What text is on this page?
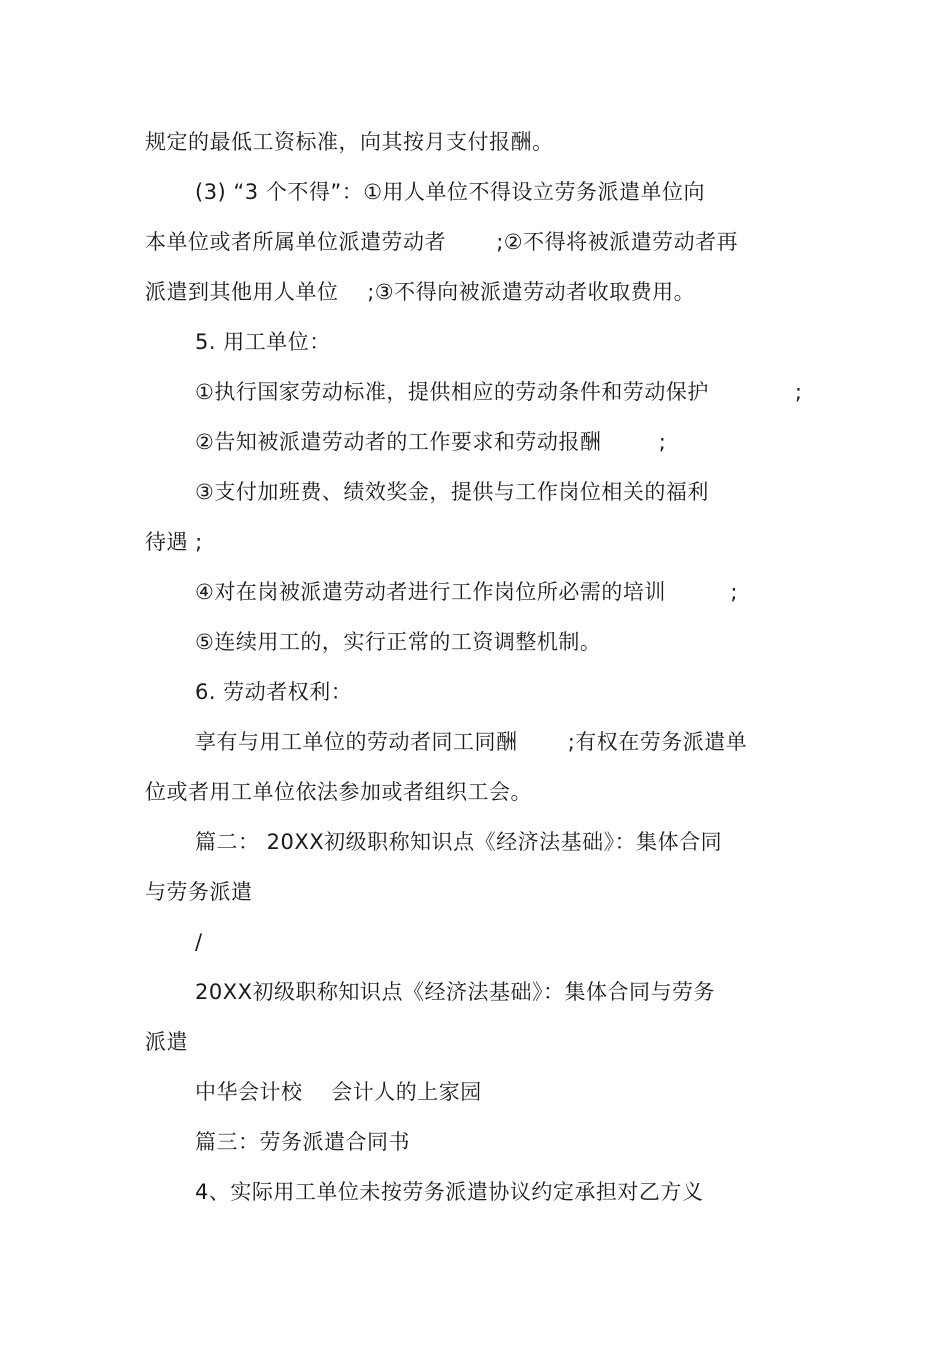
规定的最低工资标准，向其按月支付报酬。
(3) “3 个不得”：①用人单位不得设立劳务派遣单位向
本单位或者所属单位派遣劳动者       ;②不得将被派遣劳动者再
派遣到其他用人单位    ;③不得向被派遣劳动者收取费用。
5. 用工单位：
①执行国家劳动标准，提供相应的劳动条件和劳动保护            ;
②告知被派遣劳动者的工作要求和劳动报酬        ;
③支付加班费、绩效奖金，提供与工作岗位相关的福利
待遇 ;
④对在岗被派遣劳动者进行工作岗位所必需的培训         ;
⑤连续用工的，实行正常的工资调整机制。
6. 劳动者权利：
享有与用工单位的劳动者同工同酬       ;有权在劳务派遣单
位或者用工单位依法参加或者组织工会。
篇二： 20XX初级职称知识点《经济法基础》：集体合同
与劳务派遣
/
20XX初级职称知识点《经济法基础》：集体合同与劳务
派遣
中华会计校    会计人的上家园
篇三：劳务派遣合同书
4、实际用工单位未按劳务派遣协议约定承担对乙方义
